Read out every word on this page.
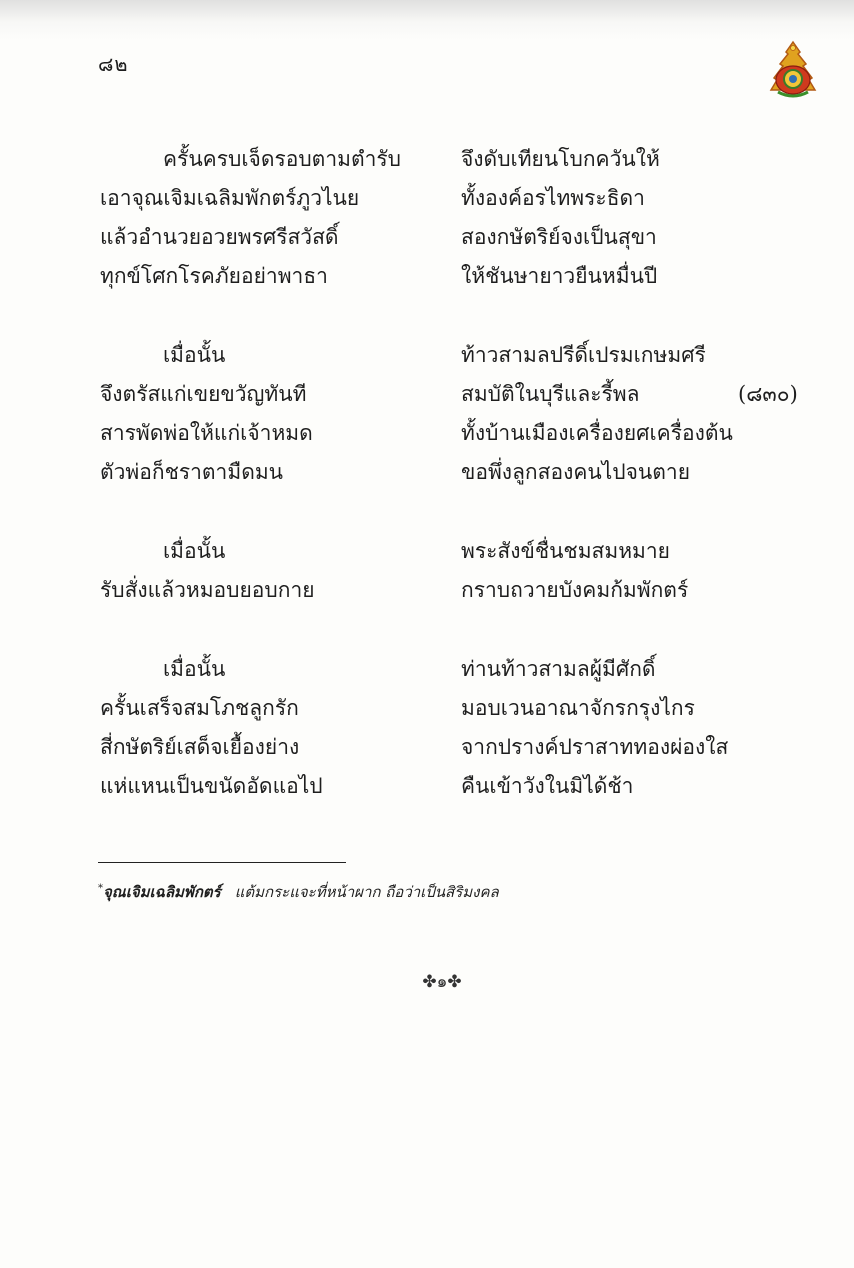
๘๒
ครั้นครบเจ็ดรอบตามตำรับ	จึงดับเทียนโบกควันให้
เอาจุณเจิมเฉลิมพักตร์ภูวไนย	ทั้งองค์อรไทพระธิดา
แล้วอำนวยอวยพรศรีสวัสดิ์	สองกษัตริย์จงเป็นสุขา
ทุกข์โศกโรคภัยอย่าพาธา	ให้ชันษายาวยืนหมื่นปี
เมื่อนั้น	ท้าวสามลปรีดิ์เปรมเกษมศรี
จึงตรัสแก่เขยขวัญทันที	สมบัติในบุรีและรี้พล	(๘๓๐)
สารพัดพ่อให้แก่เจ้าหมด	ทั้งบ้านเมืองเครื่องยศเครื่องต้น
ตัวพ่อก็ชราตามืดมน	ขอพึ่งลูกสองคนไปจนตาย
เมื่อนั้น	พระสังข์ชื่นชมสมหมาย
รับสั่งแล้วหมอบยอบกาย	กราบถวายบังคมก้มพักตร์
เมื่อนั้น	ท่านท้าวสามลผู้มีศักดิ์
ครั้นเสร็จสมโภชลูกรัก	มอบเวนอาณาจักรกรุงไกร
สี่กษัตริย์เสด็จเยื้องย่าง	จากปรางค์ปราสาททองผ่องใส
แห่แหนเป็นขนัดอัดแอไป	คืนเข้าวังในมิได้ช้า
*จุณเจิมเฉลิมพักตร์ แต้มกระแจะที่หน้าผาก ถือว่าเป็นสิริมงคล
✤๑✤
